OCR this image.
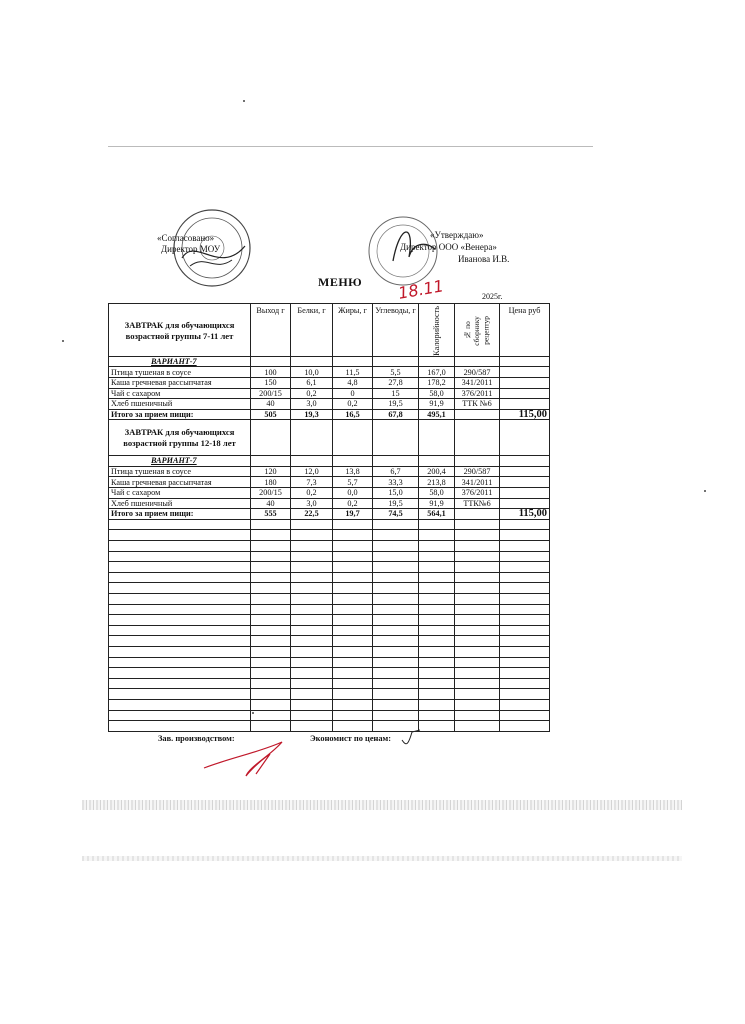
«Согласовано»
Директор МОУ
«Утверждаю»
Директор ООО «Венера»
Иванова И.В.
МЕНЮ 18.11	2025г.
ЗАВТРАК для обучающихся возрастной группы 7-11 лет	Выход г	Белки, г	Жиры, г	Углеводы, г	Калорийность	№ по сборнику рецептур	Цена руб
ВАРИАНТ-7							
Птица тушеная в соусе	100	10,0	11,5	5,5	167,0	290/587	
Каша гречневая рассыпчатая	150	6,1	4,8	27,8	178,2	341/2011	
Чай с сахаром	200/15	0,2	0	15	58,0	376/2011	
Хлеб пшеничный	40	3,0	0,2	19,5	91,9	ТТК №6	
Итого за прием пищи:	505	19,3	16,5	67,8	495,1		115,00
ЗАВТРАК для обучающихся возрастной группы 12-18 лет							
ВАРИАНТ-7							
Птица тушеная в соусе	120	12,0	13,8	6,7	200,4	290/587	
Каша гречневая рассыпчатая	180	7,3	5,7	33,3	213,8	341/2011	
Чай с сахаром	200/15	0,2	0,0	15,0	58,0	376/2011	
Хлеб пшеничный	40	3,0	0,2	19,5	91,9	ТТК№6	
Итого за прием пищи:	555	22,5	19,7	74,5	564,1		115,00

Зав. производством:	Экономист по ценам:
